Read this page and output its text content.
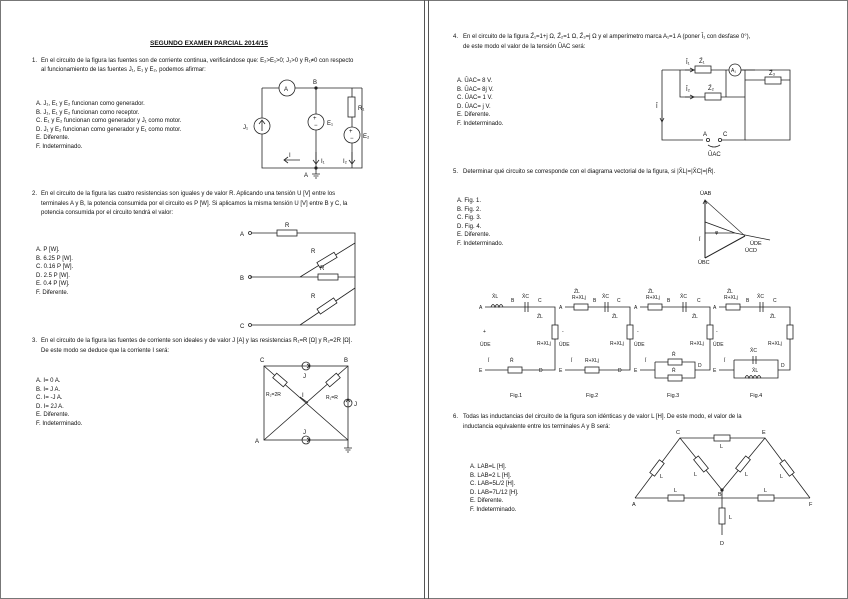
SEGUNDO EXAMEN PARCIAL 2014/15
1. En el circuito de la figura las fuentes son de corriente continua, verificándose que: E₂>E₁>0; J₁>0 y R₁≠0 con respecto
al funcionamiento de las fuentes J₁, E₁ y E₂, podemos afirmar:
A. J₁, E₁ y E₂ funcionan como generador.
B. J₁, E₁ y E₂ funcionan como receptor.
C. E₁ y E₂ funcionan como generador y J₁ como motor.
D. J₁ y E₂ funcionan como generador y E₁ como motor.
E. Diferente.
F. Indeterminado.
2. En el circuito de la figura las cuatro resistencias son iguales y de valor R. Aplicando una tensión U [V] entre los
terminales A y B, la potencia consumida por el circuito es P [W]. Si aplicamos la misma tensión U [V] entre B y C, la
potencia consumida por el circuito tendrá el valor:
A. P [W].
B. 6.25 P [W].
C. 0.16 P [W].
D. 2.5 P [W].
E. 0.4 P [W].
F. Diferente.
3. En el circuito de la figura las fuentes de corriente son ideales y de valor J [A] y las resistencias R₁=R [Ω] y R₂=2R [Ω].
De este modo se deduce que la corriente I será:
A. I= 0 A.
B. I= J A.
C. I= -J A.
D. I= 2J A.
E. Diferente.
F. Indeterminado.
4. En el circuito de la figura Z̄₁=1+j Ω, Z̄₂=1 Ω, Z̄₃=j Ω y el amperímetro marca A₁=1 A (poner Ī₁ con desfase 0°),
de este modo el valor de la tensión ŪAC será:
A. ŪAC= 8 V.
B. ŪAC= 8j V.
C. ŪAC= 1 V.
D. ŪAC= j V.
E. Diferente.
F. Indeterminado.
5. Determinar qué circuito se corresponde con el diagrama vectorial de la figura, si |X̄L|=|X̄C|=|R̄|.
A. Fig. 1.
B. Fig. 2.
C. Fig. 3.
D. Fig. 4.
E. Diferente.
F. Indeterminado.
6. Todas las inductancias del circuito de la figura son idénticas y de valor L [H]. De este modo, el valor de la
inductancia equivalente entre los terminales A y B será:
A. LAB=L [H].
B. LAB=2 L [H].
C. LAB=5L/2 [H].
D. LAB=7L/12 [H].
E. Diferente.
F. Indeterminado.
A
J₁
+
− E₁
R₁
+
− E₂
I
I₁	I₂
B
A
R
R
R
R
A
B
C
J
J
J
R₂=2R	R₁=R
I
C	B
A
Z̄₁
Z̄₂
A₁	Z̄₃
Ī₁
Ī₂
Ī
A	C
ŪAC
ŪAB
ŪDE
ŪCD
ŪBC
Ī
φ
A
X̄L
B
X̄C
C
Z̄L
R+XLj
+
ŪDE
R̄
Ī
E	D
Fig.1
A
Z̄L
R+XLj B
X̄C
C
Z̄L
R+XLj
-
ŪDE
R+XLj
Ī
E	D
Fig.2
A
Z̄L
R+XLj B
X̄C
C
Z̄L
R+XLj
-
ŪDE
R̄
R̄
Ī
E
D
Fig.3
A
Z̄L
R+XLj B
X̄C
C
Z̄L
R+XLj
-
ŪDE
X̄C
X̄L
Ī
E
D
Fig.4
L	L	L	L
L
L	L
L
A
C	E
F
B
D
